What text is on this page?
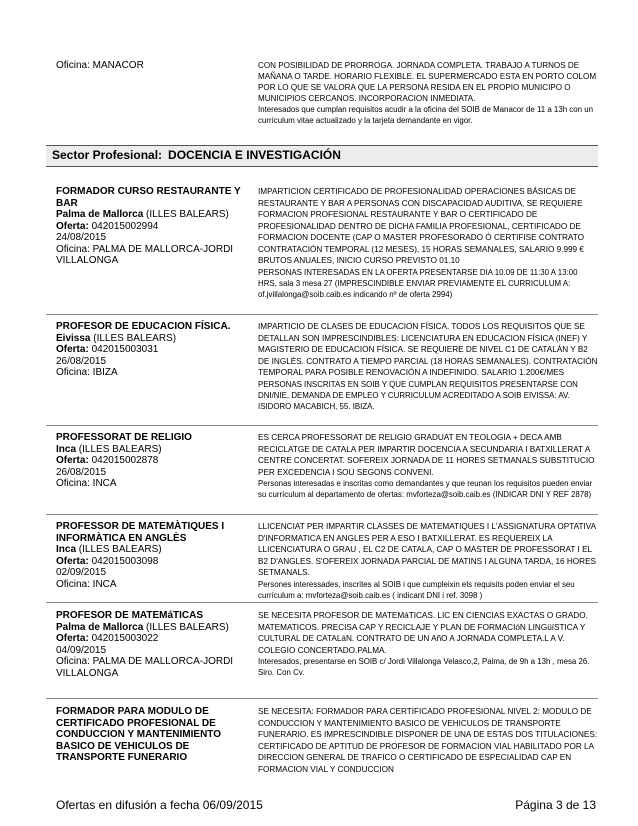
Oficina: MANACOR	CON POSIBILIDAD DE PRORROGA. JORNADA COMPLETA. TRABAJO A TURNOS DE MAÑANA O TARDE. HORARIO FLEXIBLE. EL SUPERMERCADO ESTA EN PORTO COLOM POR LO QUE SE VALORA QUE LA PERSONA RESIDA EN EL PROPIO MUNICIPO O MUNICIPIOS CERCANOS. INCORPORACION INMEDIATA.
Interesados que cumplan requisitos acudir a la oficina del SOIB de Manacor de 11 a 13h con un currículum vitae actualizado y la tarjeta demandante en vigor.
Sector Profesional: DOCENCIA E INVESTIGACIÓN
FORMADOR CURSO RESTAURANTE Y BAR
Palma de Mallorca (ILLES BALEARS)
Oferta: 042015002994
24/08/2015
Oficina: PALMA DE MALLORCA-JORDI VILLALONGA
IMPARTICION CERTIFICADO DE PROFESIONALIDAD OPERACIONES BÁSICAS DE RESTAURANTE Y BAR A PERSONAS CON DISCAPACIDAD AUDITIVA, SE REQUIERE FORMACION PROFESIONAL RESTAURANTE Y BAR O CERTIFICADO DE PROFESIONALIDAD DENTRO DE DICHA FAMILIA PROFESIONAL, CERTIFICADO DE FORMACION DOCENTE (CAP O MASTER PROFESORADO Ó CERTIFISE CONTRATO CONTRATACIÓN TEMPORAL (12 MESES), 15 HORAS SEMANALES, SALARIO 9.999 € BRUTOS ANUALES, INICIO CURSO PREVISTO 01.10
PERSONAS INTERESADAS EN LA OFERTA PRESENTARSE DIA 10.09 DE 11:30 A 13:00 HRS, sala 3 mesa 27 (IMPRESCINDIBLE ENVIAR PREVIAMENTE EL CURRICULUM A: of.jvillalonga@soib.caib.es indicando nº de oferta 2994)
PROFESOR DE EDUCACION FÍSICA.
Eivissa (ILLES BALEARS)
Oferta: 042015003031
26/08/2015
Oficina: IBIZA
IMPARTICIO DE CLASES DE EDUCACION FÍSICA. TODOS LOS REQUISITOS QUE SE DETALLAN SON IMPRESCINDIBLES: LICENCIATURA EN EDUCACION FÍSICA (INEF) Y MAGISTERIO DE EDUCACION FÍSICA. SE REQUIERE DE NIVEL C1 DE CATALÁN Y B2 DE INGLÉS. CONTRATO A TIEMPO PARCIAL (18 HORAS SEMANALES). CONTRATACIÓN TEMPORAL PARA POSIBLE RENOVACIÓN A INDEFINIDO. SALARIO 1.200€/MES
PERSONAS INSCRITAS EN SOIB Y QUE CUMPLAN REQUISITOS PRESENTARSE CON DNI/NIE, DEMANDA DE EMPLEO Y CURRICULUM ACREDITADO A SOIB EIVISSA: AV. ISIDORO MACABICH, 55. IBIZA.
PROFESSORAT DE RELIGIO
Inca (ILLES BALEARS)
Oferta: 042015002878
26/08/2015
Oficina: INCA
ES CERCA PROFESSORAT DE RELIGIO GRADUAT EN TEOLOGIA + DECA AMB RECICLATGE DE CATALA PER IMPARTIR DOCENCIA A SECUNDARIA I BATXILLERAT A CENTRE CONCERTAT. SOFEREIX JORNADA DE 11 HORES SETMANALS SUBSTITUCIO PER EXCEDENCIA I SOU SEGONS CONVENI.
Personas interesadas e inscritas como demandantes y que reunan los requisitos pueden enviar su currículum al departamento de ofertas: mvforteza@soib.caib.es (INDICAR DNI Y REF 2878)
PROFESSOR DE MATEMÀTIQUES I INFORMÀTICA EN ANGLÈS
Inca (ILLES BALEARS)
Oferta: 042015003098
02/09/2015
Oficina: INCA
LLICENCIAT PER IMPARTIR CLASSES DE MATEMATIQUES I L'ASSIGNATURA OPTATIVA D'INFORMATICA EN ANGLES PER A ESO I BATXILLERAT. ES REQUEREIX LA LLICENCIATURA O GRAU , EL C2 DE CATALA, CAP O MASTER DE PROFESSORAT I EL B2 D'ANGLES. S'OFEREIX JORNADA PARCIAL DE MATINS I ALGUNA TARDA, 16 HORES SETMANALS.
Persones interessades, inscrites al SOIB i que cumpleixin els requisits poden enviar el seu currículum a: mvforteza@soib.caib.es ( indicant DNI i ref. 3098 )
PROFESOR DE MATEMáTICAS
Palma de Mallorca (ILLES BALEARS)
Oferta: 042015003022
04/09/2015
Oficina: PALMA DE MALLORCA-JORDI VILLALONGA
SE NECESITA PROFESOR DE MATEMáTICAS. LIC EN CIENCIAS EXACTAS O GRADO. MATEMATICOS. PRECISA CAP Y RECICLAJE Y PLAN DE FORMACIóN LINGüíSTICA Y CULTURAL DE CATALáN. CONTRATO DE UN AñO A JORNADA COMPLETA.L A V. COLEGIO CONCERTADO.PALMA.
Interesados, presentarse en SOIB c/ Jordi Villalonga Velasco,2, Palma, de 9h a 13h , mesa 26. Siro. Con Cv.
FORMADOR PARA MODULO DE CERTIFICADO PROFESIONAL DE CONDUCCION Y MANTENIMIENTO BASICO DE VEHICULOS DE TRANSPORTE FUNERARIO
SE NECESITA: FORMADOR PARA CERTIFICADO PROFESIONAL NIVEL 2: MODULO DE CONDUCCION Y MANTENIMIENTO BASICO DE VEHICULOS DE TRANSPORTE FUNERARIO. ES IMPRESCINDIBLE DISPONER DE UNA DE ESTAS DOS TITULACIONES: CERTIFICADO DE APTITUD DE PROFESOR DE FORMACION VIAL HABILITADO POR LA DIRECCION GENERAL DE TRAFICO O CERTIFICADO DE ESPECIALIDAD CAP EN FORMACION VIAL Y CONDUCCION
Ofertas en difusión a fecha 06/09/2015	Página 3 de 13
